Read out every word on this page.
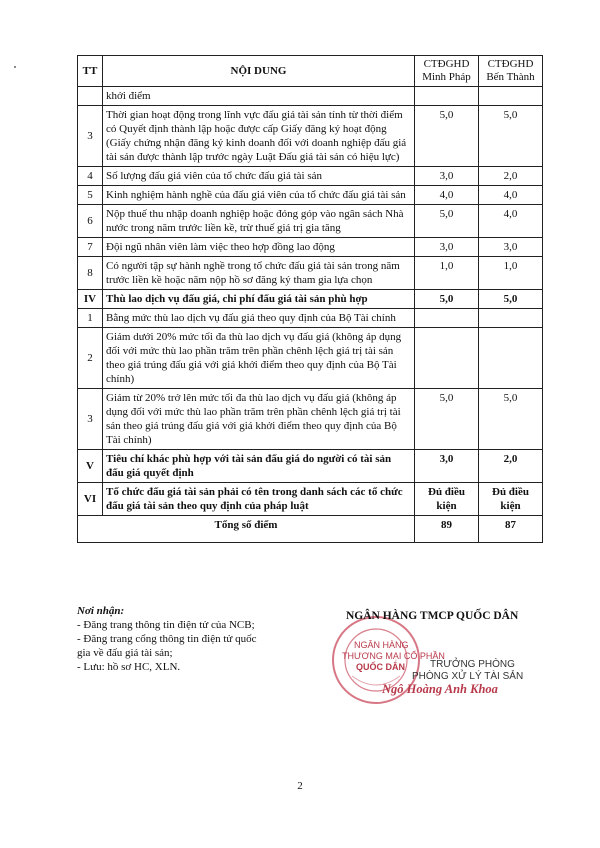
TT	NỘI DUNG	CTĐGHD Minh Pháp	CTĐGHD Bến Thành
	khởi điểm		
3	Thời gian hoạt động trong lĩnh vực đấu giá tài sản tính từ thời điểm có Quyết định thành lập hoặc được cấp Giấy đăng ký hoạt động (Giấy chứng nhận đăng ký kinh doanh đối với doanh nghiệp đấu giá tài sản được thành lập trước ngày Luật Đấu giá tài sản có hiệu lực)	5,0	5,0
4	Số lượng đấu giá viên của tổ chức đấu giá tài sản	3,0	2,0
5	Kinh nghiệm hành nghề của đấu giá viên của tổ chức đấu giá tài sản	4,0	4,0
6	Nộp thuế thu nhập doanh nghiệp hoặc đóng góp vào ngân sách Nhà nước trong năm trước liền kề, trừ thuế giá trị gia tăng	5,0	4,0
7	Đội ngũ nhân viên làm việc theo hợp đồng lao động	3,0	3,0
8	Có người tập sự hành nghề trong tổ chức đấu giá tài sản trong năm trước liền kề hoặc năm nộp hồ sơ đăng ký tham gia lựa chọn	1,0	1,0
IV	Thù lao dịch vụ đấu giá, chi phí đấu giá tài sản phù hợp	5,0	5,0
1	Bằng mức thù lao dịch vụ đấu giá theo quy định của Bộ Tài chính		
2	Giảm dưới 20% mức tối đa thù lao dịch vụ đấu giá (không áp dụng đối với mức thù lao phần trăm trên phần chênh lệch giá trị tài sản theo giá trúng đấu giá với giá khởi điểm theo quy định của Bộ Tài chính)		
3	Giảm từ 20% trở lên mức tối đa thù lao dịch vụ đấu giá (không áp dụng đối với mức thù lao phần trăm trên phần chênh lệch giá trị tài sản theo giá trúng đấu giá với giá khởi điểm theo quy định của Bộ Tài chính)	5,0	5,0
V	Tiêu chí khác phù hợp với tài sản đấu giá do người có tài sản đấu giá quyết định	3,0	2,0
VI	Tổ chức đấu giá tài sản phải có tên trong danh sách các tổ chức đấu giá tài sản theo quy định của pháp luật	Đủ điều kiện	Đủ điều kiện
Tổng số điểm		89	87
Nơi nhận:
- Đăng trang thông tin điện tử của NCB;
- Đăng trang cổng thông tin điện tử quốc gia về đấu giá tài sản;
- Lưu: hồ sơ HC, XLN.
NGÂN HÀNG
THƯƠNG MẠI CỔ PHẦN
QUỐC DÂN
NGÂN HÀNG TMCP QUỐC DÂN
TRƯỞNG PHÒNG
PHÒNG XỬ LÝ TÀI SẢN
Ngô Hoàng Anh Khoa
2
